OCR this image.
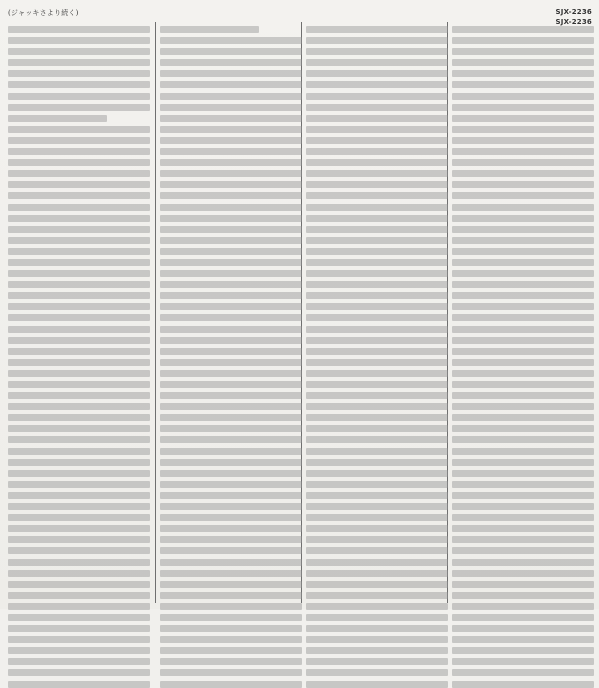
(ジャッキさより続く)	SJX-2236
SJX-2236
